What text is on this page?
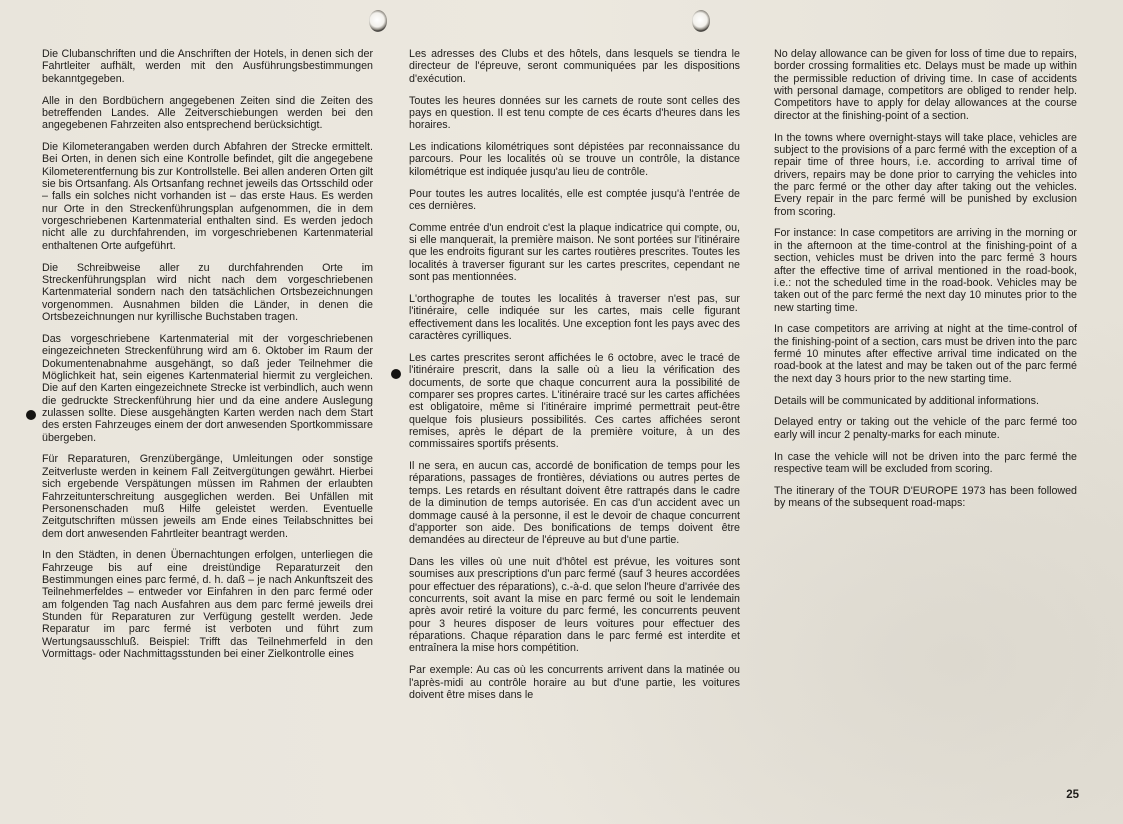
Die Clubanschriften und die Anschriften der Hotels, in denen sich der Fahrtleiter aufhält, werden mit den Ausführungsbestimmungen bekanntgegeben.

Alle in den Bordbüchern angegebenen Zeiten sind die Zeiten des betreffenden Landes. Alle Zeitverschiebungen werden bei den angegebenen Fahrzeiten also entsprechend berücksichtigt.

Die Kilometerangaben werden durch Abfahren der Strecke ermittelt. Bei Orten, in denen sich eine Kontrolle befindet, gilt die angegebene Kilometerentfernung bis zur Kontrollstelle. Bei allen anderen Orten gilt sie bis Ortsanfang. Als Ortsanfang rechnet jeweils das Ortsschild oder – falls ein solches nicht vorhanden ist – das erste Haus. Es werden nur Orte in den Streckenführungsplan aufgenommen, die in dem vorgeschriebenen Kartenmaterial enthalten sind. Es werden jedoch nicht alle zu durchfahrenden, im vorgeschriebenen Kartenmaterial enthaltenen Orte aufgeführt.

Die Schreibweise aller zu durchfahrenden Orte im Streckenführungsplan wird nicht nach dem vorgeschriebenen Kartenmaterial sondern nach den tatsächlichen Ortsbezeichnungen vorgenommen. Ausnahmen bilden die Länder, in denen die Ortsbezeichnungen nur kyrillische Buchstaben tragen.

Das vorgeschriebene Kartenmaterial mit der vorgeschriebenen eingezeichneten Streckenführung wird am 6. Oktober im Raum der Dokumentenabnahme ausgehängt, so daß jeder Teilnehmer die Möglichkeit hat, sein eigenes Kartenmaterial hiermit zu vergleichen. Die auf den Karten eingezeichnete Strecke ist verbindlich, auch wenn die gedruckte Streckenführung hier und da eine andere Auslegung zulassen sollte. Diese ausgehängten Karten werden nach dem Start des ersten Fahrzeuges einem der dort anwesenden Sportkommissare übergeben.

Für Reparaturen, Grenzübergänge, Umleitungen oder sonstige Zeitverluste werden in keinem Fall Zeitvergütungen gewährt. Hierbei sich ergebende Verspätungen müssen im Rahmen der erlaubten Fahrzeitunterschreitung ausgeglichen werden. Bei Unfällen mit Personenschaden muß Hilfe geleistet werden. Eventuelle Zeitgutschriften müssen jeweils am Ende eines Teilabschnittes bei dem dort anwesenden Fahrtleiter beantragt werden.

In den Städten, in denen Übernachtungen erfolgen, unterliegen die Fahrzeuge bis auf eine dreistündige Reparaturzeit den Bestimmungen eines parc fermé, d. h. daß – je nach Ankunftszeit des Teilnehmerfeldes – entweder vor Einfahren in den parc fermé oder am folgenden Tag nach Ausfahren aus dem parc fermé jeweils drei Stunden für Reparaturen zur Verfügung gestellt werden. Jede Reparatur im parc fermé ist verboten und führt zum Wertungsausschluß. Beispiel: Trifft das Teilnehmerfeld in den Vormittags- oder Nachmittagsstunden bei einer Zielkontrolle eines

Les adresses des Clubs et des hôtels, dans lesquels se tiendra le directeur de l'épreuve, seront communiquées par les dispositions d'exécution.

Toutes les heures données sur les carnets de route sont celles des pays en question. Il est tenu compte de ces écarts d'heures dans les horaires.

Les indications kilométriques sont dépistées par reconnaissance du parcours. Pour les localités où se trouve un contrôle, la distance kilométrique est indiquée jusqu'au lieu de contrôle.

Pour toutes les autres localités, elle est comptée jusqu'à l'entrée de ces dernières.

Comme entrée d'un endroit c'est la plaque indicatrice qui compte, ou, si elle manquerait, la première maison. Ne sont portées sur l'itinéraire que les endroits figurant sur les cartes routières prescrites. Toutes les localités à traverser figurant sur les cartes prescrites, cependant ne sont pas mentionnées.

L'orthographe de toutes les localités à traverser n'est pas, sur l'itinéraire, celle indiquée sur les cartes, mais celle figurant effectivement dans les localités. Une exception font les pays avec des caractères cyrilliques.

Les cartes prescrites seront affichées le 6 octobre, avec le tracé de l'itinéraire prescrit, dans la salle où a lieu la vérification des documents, de sorte que chaque concurrent aura la possibilité de comparer ses propres cartes. L'itinéraire tracé sur les cartes affichées est obligatoire, même si l'itinéraire imprimé permettrait peut-être quelque fois plusieurs possibilités. Ces cartes affichées seront remises, après le départ de la première voiture, à un des commissaires sportifs présents.

Il ne sera, en aucun cas, accordé de bonification de temps pour les réparations, passages de frontières, déviations ou autres pertes de temps. Les retards en résultant doivent être rattrapés dans le cadre de la diminution de temps autorisée. En cas d'un accident avec un dommage causé à la personne, il est le devoir de chaque concurrent d'apporter son aide. Des bonifications de temps doivent être demandées au directeur de l'épreuve au but d'une partie.

Dans les villes où une nuit d'hôtel est prévue, les voitures sont soumises aux prescriptions d'un parc fermé (sauf 3 heures accordées pour effectuer des réparations), c.-à-d. que selon l'heure d'arrivée des concurrents, soit avant la mise en parc fermé ou soit le lendemain après avoir retiré la voiture du parc fermé, les concurrents peuvent pour 3 heures disposer de leurs voitures pour effectuer des réparations. Chaque réparation dans le parc fermé est interdite et entraînera la mise hors compétition.

Par exemple: Au cas où les concurrents arrivent dans la matinée ou l'après-midi au contrôle horaire au but d'une partie, les voitures doivent être mises dans le

No delay allowance can be given for loss of time due to repairs, border crossing formalities etc. Delays must be made up within the permissible reduction of driving time. In case of accidents with personal damage, competitors are obliged to render help. Competitors have to apply for delay allowances at the course director at the finishing-point of a section.

In the towns where overnight-stays will take place, vehicles are subject to the provisions of a parc fermé with the exception of a repair time of three hours, i.e. according to arrival time of drivers, repairs may be done prior to carrying the vehicles into the parc fermé or the other day after taking out the vehicles. Every repair in the parc fermé will be punished by exclusion from scoring.

For instance: In case competitors are arriving in the morning or in the afternoon at the time-control at the finishing-point of a section, vehicles must be driven into the parc fermé 3 hours after the effective time of arrival mentioned in the road-book, i.e.: not the scheduled time in the road-book. Vehicles may be taken out of the parc fermé the next day 10 minutes prior to the new starting time.

In case competitors are arriving at night at the time-control of the finishing-point of a section, cars must be driven into the parc fermé 10 minutes after effective arrival time indicated on the road-book at the latest and may be taken out of the parc fermé the next day 3 hours prior to the new starting time.

Details will be communicated by additional informations.

Delayed entry or taking out the vehicle of the parc fermé too early will incur 2 penalty-marks for each minute.

In case the vehicle will not be driven into the parc fermé the respective team will be excluded from scoring.

The itinerary of the TOUR D'EUROPE 1973 has been followed by means of the subsequent road-maps:

25
